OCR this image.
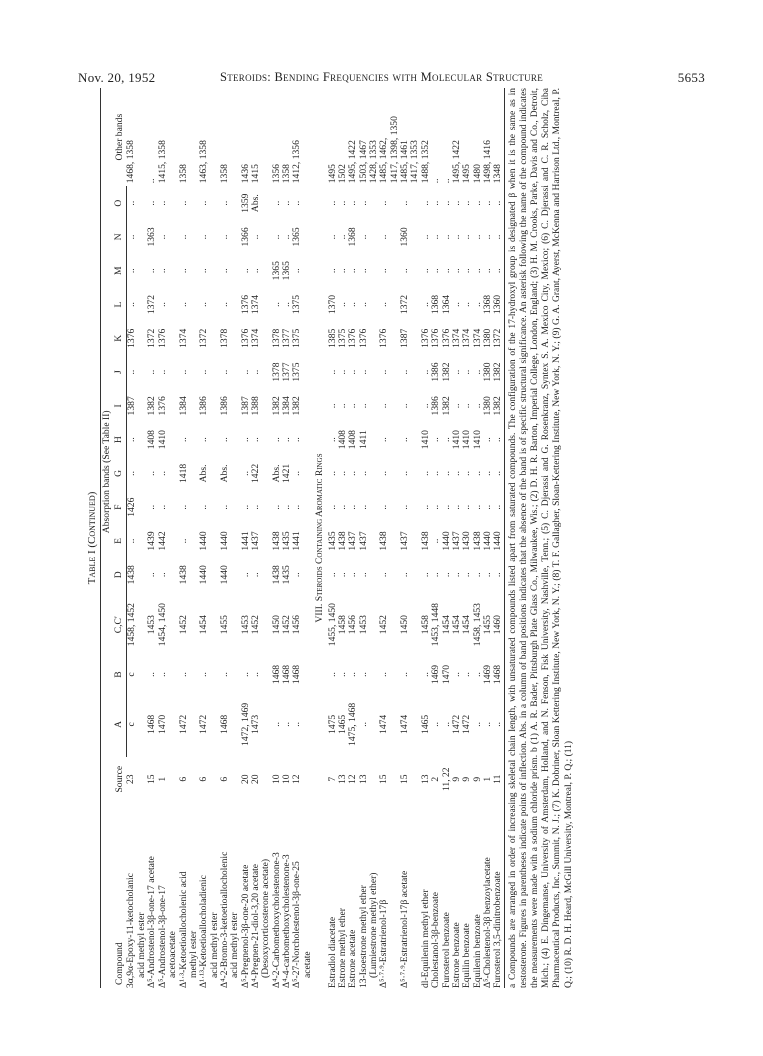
Nov. 20, 1952	Steroids: Bending Frequencies with Molecular Structure	5653
Table I (Continued)
Compound	Source	Absorption bands (See Table II)															Other bands
		A	B	C,C′	D	E	F	G	H	I	J	K	L	M	N	O	
3α,9α-Epoxy-11-ketocholanic	23	c	c	1458, 1452	1438	..	1426	..	..	1387	..	1376	..	..	..	..	1468, 1358
acid methyl ester																	
Δ⁵-Androstenol-3β-one-17 acetate	15	1468	..	1453	..	1439	..	..	1408	1382	..	1372	1372	..	1363	..	..
Δ⁵-Androstenol-3β-one-17	1	1470	..	1454, 1450	..	1442	..	..	1410	1376	..	1376	..	..	..	..	1415, 1358
acetoacetate																	
Δ¹·³-Ketoetioallocholenic acid	6	1472	..	1452	1438	..	..	1418	..	1384	..	1374	..	..	..	..	1358
methyl ester																	
Δ¹·¹³-Ketoetioallocholadienic	6	1472	..	1454	1440	1440	..	Abs.	..	1386	..	1372	..	..	..	..	1463, 1358
acid methyl ester																	
Δ⁴-2-Bromo-3-ketoetioallocholenic	6	1468	..	1455	1440	1440	..	Abs.	..	1386	..	1378	..	..	..	..	1358
acid methyl ester																	
Δ⁵-Pregnenol-3β-one-20 acetate	20	1472, 1469	..	1453	..	1441	..	..	..	1387	..	1376	1376	..	1366	1359	1436
Δ⁴-Pregnen-21-diol-3,20 acetate	20	1473	..	1452	..	1437	..	1422	..	1388	..	1374	1374	..	..	Abs.	1415
(Desoxycorticosterone acetate)																	
Δ⁴-2-Carbomethoxycholestenone-3	10	..	1468	1450	1438	1438	..	Abs.	..	1382	1378	1378	..	1365	..	..	1356
Δ⁴-4-carbomethoxycholestenone-3	10	..	1468	1452	1435	1435	..	1421	..	1384	1377	1377	..	1365	..	..	1358
Δ⁵-27-Norcholestenol-3β-one-25	12	..	1468	1456	..	1441	..	..	..	1382	1375	1375	1375	..	1365	..	1412, 1356
acetate																	
VIII. Steroids Containing Aromatic Rings																	
Estradiol diacetate	7	1475	..	1455, 1450	..	1435	..	..	..	..	..	1385	1370	..	..	..	1495
Estrone methyl ether	13	1465	..	1458	..	1438	..	..	1408	..	..	1375	..	..	..	..	1502
Estrone acetate	12	1475, 1468	..	1456	..	1437	..	..	1408	..	..	1376	..	..	1368	..	1495, 1422
13-Isoestrone methyl ether	13	..	..	1453	..	1437	..	..	1411	..	..	1376	..	..	..	..	1503, 1467
(Lumiestrone methyl ether)																	1428, 1353
Δ⁵·⁷·⁹-Estratrienol-17β	15	1474	..	1452	..	1438	..	..	..	..	..	1376	..	..	..	..	1485, 1462,
																	1417, 1398, 1350
Δ⁵·⁷·⁹-Estratrienol-17β acetate	15	1474	..	1450	..	1437	..	..	..	..	..	1387	1372	..	1360	..	1485, 1461
																	1417, 1353
dl-Equilenin methyl ether	13	1465	..	1458	..	1438	..	..	1410	..	..	1376	..	..	..	..	1488, 1352
Cholestanol-3β-benzoate	2	..	1469	1453, 1448	..	..	..	..	..	1386	1386	1376	1368	..	..	..	..
Furosterol benzoate	11, 22	..	1470	1454	..	1440	..	..	..	1382	1382	1376	1364	..	..	..	..
Estrone benzoate	9	1472	..	1454	..	1437	..	..	1410	..	..	1374	..	..	..	..	1495, 1422
Equilin benzoate	9	1472	..	1454	..	1430	..	..	1410	..	..	1374	..	..	..	..	1495
Equilenin benzoate	9	..	..	1458, 1453	..	1438	..	..	1410	..	..	1374	..	..	..	..	1480
Δ⁵-Cholestenol-3β benzoylacetate	1	..	1469	1455	..	1440	..	..	..	1380	1380	1380	1368	..	..	..	1498, 1416
Furosterol 3,5-dinitrobenzoate	11	..	1468	1460	..	1440	..	..	..	1382	1382	1372	1360	..	..	..	1348 a Compounds are arranged in order of increasing skeletal chain length, with unsaturated compounds listed apart from saturated compounds. The configuration of the 17-hydroxyl group is designated β when it is the same as in testosterone. Figures in parentheses indicate points of inflection. Abs. in a column of band positions indicates that the absence of the band is of specific structural significance. An asterisk following the name of the compound indicates the measurements were made with a sodium chloride prism. b (1) A. R. Bader, Pittsburgh Plate Glass Co., Milwaukee, Wis.; (2) D. H. R. Barton, Imperial College, London, England; (3) H. M. Crooks, Parke, Davis and Co., Detroit, Mich.; (4) E. Dingemanse, University of Amsterdam, Holland, and N. Fenson, Fisk University, Nashville, Tenn.; (5) C. Djerassi and G. Rosenkranz, Syntex S. A. Mexico City, Mexico; (6) C. Djerassi and C. R. Scholz, Ciba Pharmaceutical Products, Inc., Summit, N. J.; (7) K. Dobriner, Sloan Kettering Institute, New York, N. Y.; (8) T. F. Gallagher, Sloan-Kettering Institute, New York, N. Y.; (9) G. A. Grant, Ayerst, McKenna and Harrison Ltd., Montreal, P. Q.; (10) R. D. H. Heard, McGill University, Montreal, P. Q.; (11)
